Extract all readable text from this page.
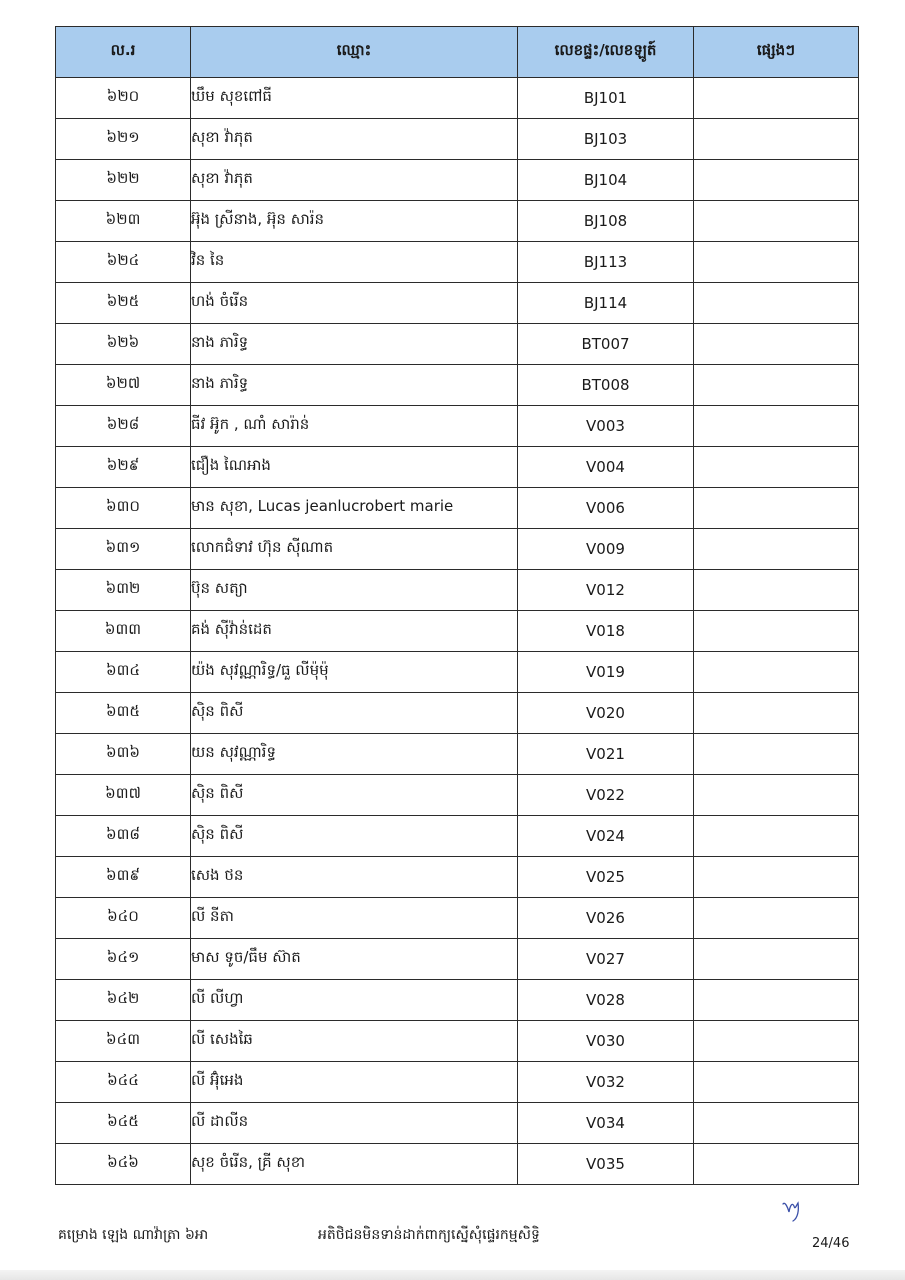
ល.រ	ឈ្មោះ	លេខផ្ទះ/លេខឡូត៍	ផ្សេងៗ
៦២០	ឃឹម សុខពៅធី	BJ101	
៦២១	សុខា វ៉ាភុត	BJ103	
៦២២	សុខា វ៉ាភុត	BJ104	
៦២៣	អ៊ុង ស្រីនាង, អ៊ុន សារ៉ន	BJ108	
៦២៤	វិន នៃ	BJ113	
៦២៥	ហង់ ចំរើន	BJ114	
៦២៦	នាង ភារិទ្ធ	BT007	
៦២៧	នាង ភារិទ្ធ	BT008	
៦២៨	ធីវ អ៊ូក , ណាំ សារ៉ាន់	V003	
៦២៩	ជឿង ណៃអាង	V004	
៦៣០	មាន សុខា, Lucas jeanlucrobert marie	V006	
៦៣១	លោកជំទាវ ហ៊ុន ស៊ីណាត	V009	
៦៣២	ប៊ុន សត្យា	V012	
៦៣៣	គង់ ស៊ីវ៉ាន់ដេត	V018	
៦៣៤	យ៉ង សុវណ្ណារិទ្ធ/ធួ លីម៉ុម៉ុ	V019	
៦៣៥	ស៊ិន ពិសី	V020	
៦៣៦	យន សុវណ្ណារិទ្ធ	V021	
៦៣៧	ស៊ិន ពិសី	V022	
៦៣៨	ស៊ិន ពិសី	V024	
៦៣៩	សេង ថន	V025	
៦៤០	លី នីតា	V026	
៦៤១	មាស ទូច/ធឹម ស៊ាត	V027	
៦៤២	លី លីហ្វា	V028	
៦៤៣	លី សេងឆៃ	V030	
៦៤៤	លី អ៊ុំអេង	V032	
៦៤៥	លី ដាលីន	V034	
៦៤៦	សុខ ចំរើន, គ្រី សុខា	V035	
គម្រោង ឡេង ណាវ៉ាត្រា ៦អា	អតិថិជនមិនទាន់ដាក់ពាក្យស្នើសុំផ្ទេរកម្មសិទ្ធិ
24/46
